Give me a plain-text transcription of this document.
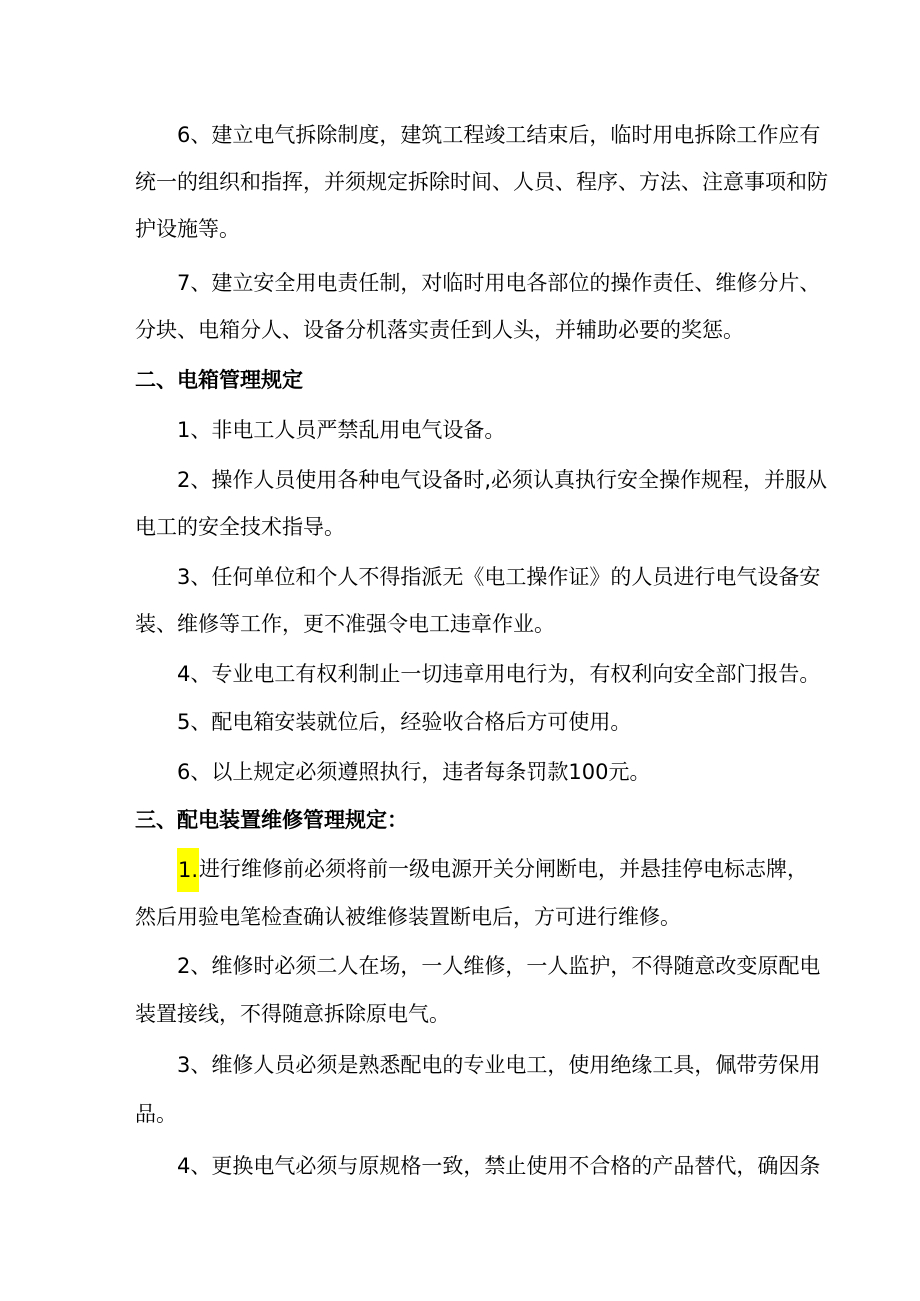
6、建立电气拆除制度，建筑工程竣工结束后，临时用电拆除工作应有
统一的组织和指挥，并须规定拆除时间、人员、程序、方法、注意事项和防
护设施等。
7、建立安全用电责任制，对临时用电各部位的操作责任、维修分片、
分块、电箱分人、设备分机落实责任到人头，并辅助必要的奖惩。
二、电箱管理规定
1、非电工人员严禁乱用电气设备。
2、操作人员使用各种电气设备时,必须认真执行安全操作规程，并服从
电工的安全技术指导。
3、任何单位和个人不得指派无《电工操作证》的人员进行电气设备安
装、维修等工作，更不准强令电工违章作业。
4、专业电工有权利制止一切违章用电行为，有权利向安全部门报告。
5、配电箱安装就位后，经验收合格后方可使用。
6、以上规定必须遵照执行，违者每条罚款100元。
三、配电装置维修管理规定：
1.进行维修前必须将前一级电源开关分闸断电，并悬挂停电标志牌，
然后用验电笔检查确认被维修装置断电后，方可进行维修。
2、维修时必须二人在场，一人维修，一人监护，不得随意改变原配电
装置接线，不得随意拆除原电气。
3、维修人员必须是熟悉配电的专业电工，使用绝缘工具，佩带劳保用
品。
4、更换电气必须与原规格一致，禁止使用不合格的产品替代，确因条
